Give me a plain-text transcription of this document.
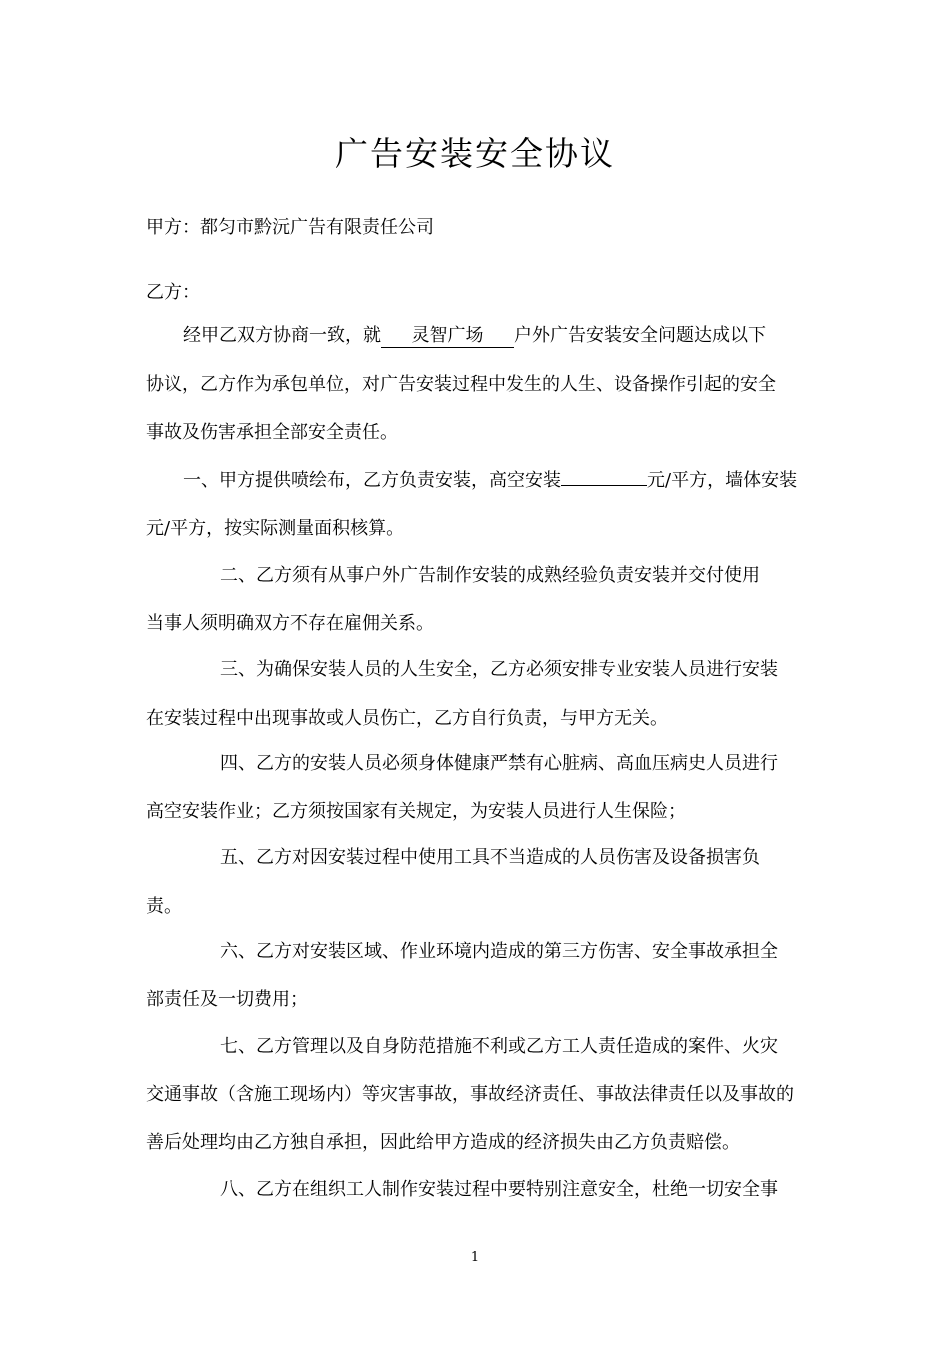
广告安装安全协议
甲方：都匀市黔沅广告有限责任公司
乙方：
经甲乙双方协商一致，就 灵智广场 户外广告安装安全问题达成以下
协议，乙方作为承包单位，对广告安装过程中发生的人生、设备操作引起的安全
事故及伤害承担全部安全责任。
一、甲方提供喷绘布，乙方负责安装，高空安装	元/平方，墙体安装
元/平方，按实际测量面积核算。
二、乙方须有从事户外广告制作安装的成熟经验负责安装并交付使用
当事人须明确双方不存在雇佣关系。
三、为确保安装人员的人生安全，乙方必须安排专业安装人员进行安装
在安装过程中出现事故或人员伤亡，乙方自行负责，与甲方无关。
四、乙方的安装人员必须身体健康严禁有心脏病、高血压病史人员进行
高空安装作业；乙方须按国家有关规定，为安装人员进行人生保险；
五、乙方对因安装过程中使用工具不当造成的人员伤害及设备损害负
责。
六、乙方对安装区域、作业环境内造成的第三方伤害、安全事故承担全
部责任及一切费用；
七、乙方管理以及自身防范措施不利或乙方工人责任造成的案件、火灾
交通事故（含施工现场内）等灾害事故，事故经济责任、事故法律责任以及事故的
善后处理均由乙方独自承担，因此给甲方造成的经济损失由乙方负责赔偿。
八、乙方在组织工人制作安装过程中要特别注意安全，杜绝一切安全事
1
